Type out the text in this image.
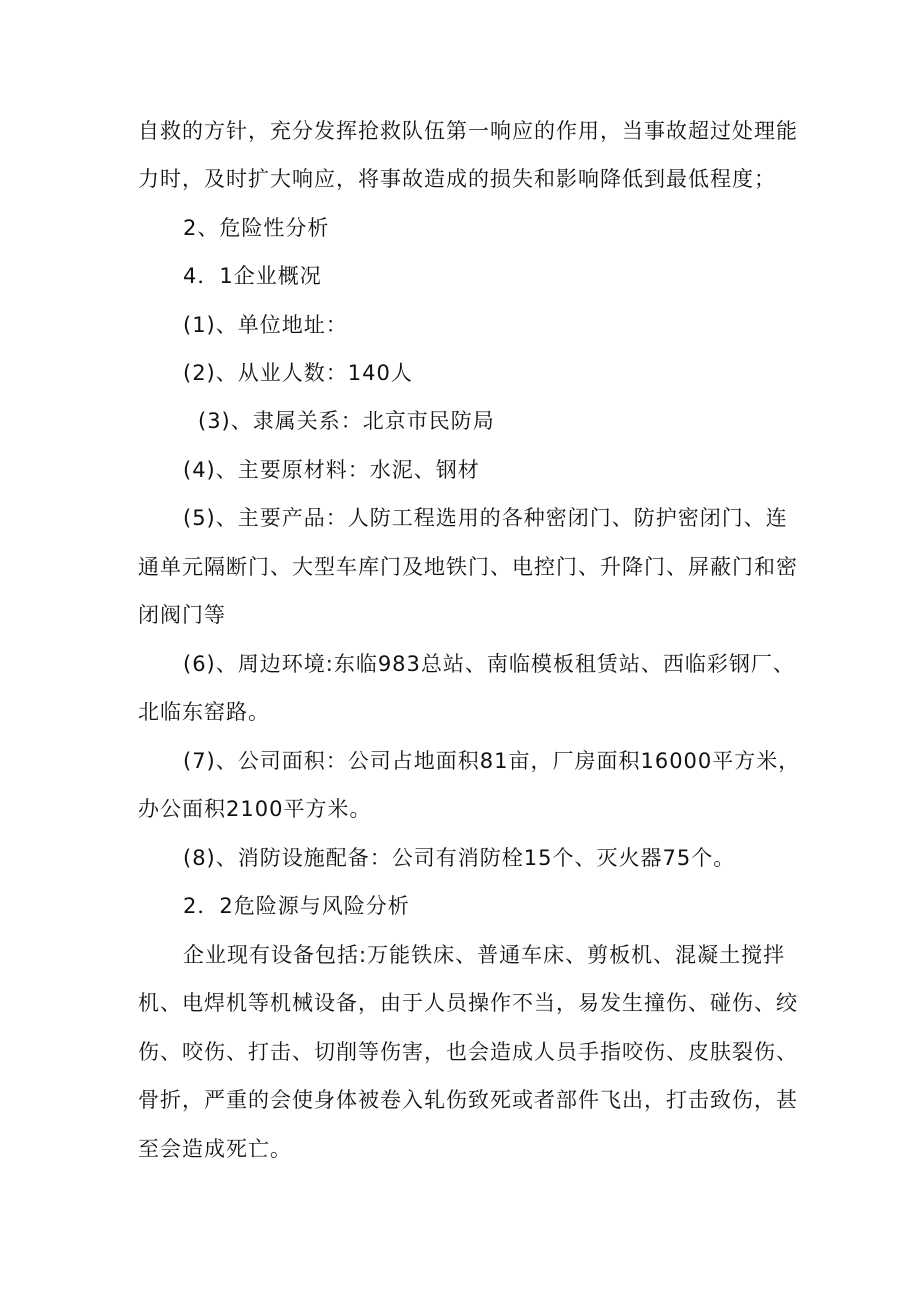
自救的方针，充分发挥抢救队伍第一响应的作用，当事故超过处理能
力时，及时扩大响应，将事故造成的损失和影响降低到最低程度；
2、危险性分析
4．1企业概况
(1)、单位地址：
(2)、从业人数：140人
(3)、隶属关系：北京市民防局
(4)、主要原材料：水泥、钢材
(5)、主要产品：人防工程选用的各种密闭门、防护密闭门、连
通单元隔断门、大型车库门及地铁门、电控门、升降门、屏蔽门和密
闭阀门等
(6)、周边环境:东临983总站、南临模板租赁站、西临彩钢厂、
北临东窑路。
(7)、公司面积：公司占地面积81亩，厂房面积16000平方米，
办公面积2100平方米。
(8)、消防设施配备：公司有消防栓15个、灭火器75个。
2．2危险源与风险分析
企业现有设备包括:万能铁床、普通车床、剪板机、混凝土搅拌
机、电焊机等机械设备，由于人员操作不当，易发生撞伤、碰伤、绞
伤、咬伤、打击、切削等伤害，也会造成人员手指咬伤、皮肤裂伤、
骨折，严重的会使身体被卷入轧伤致死或者部件飞出，打击致伤，甚
至会造成死亡。
